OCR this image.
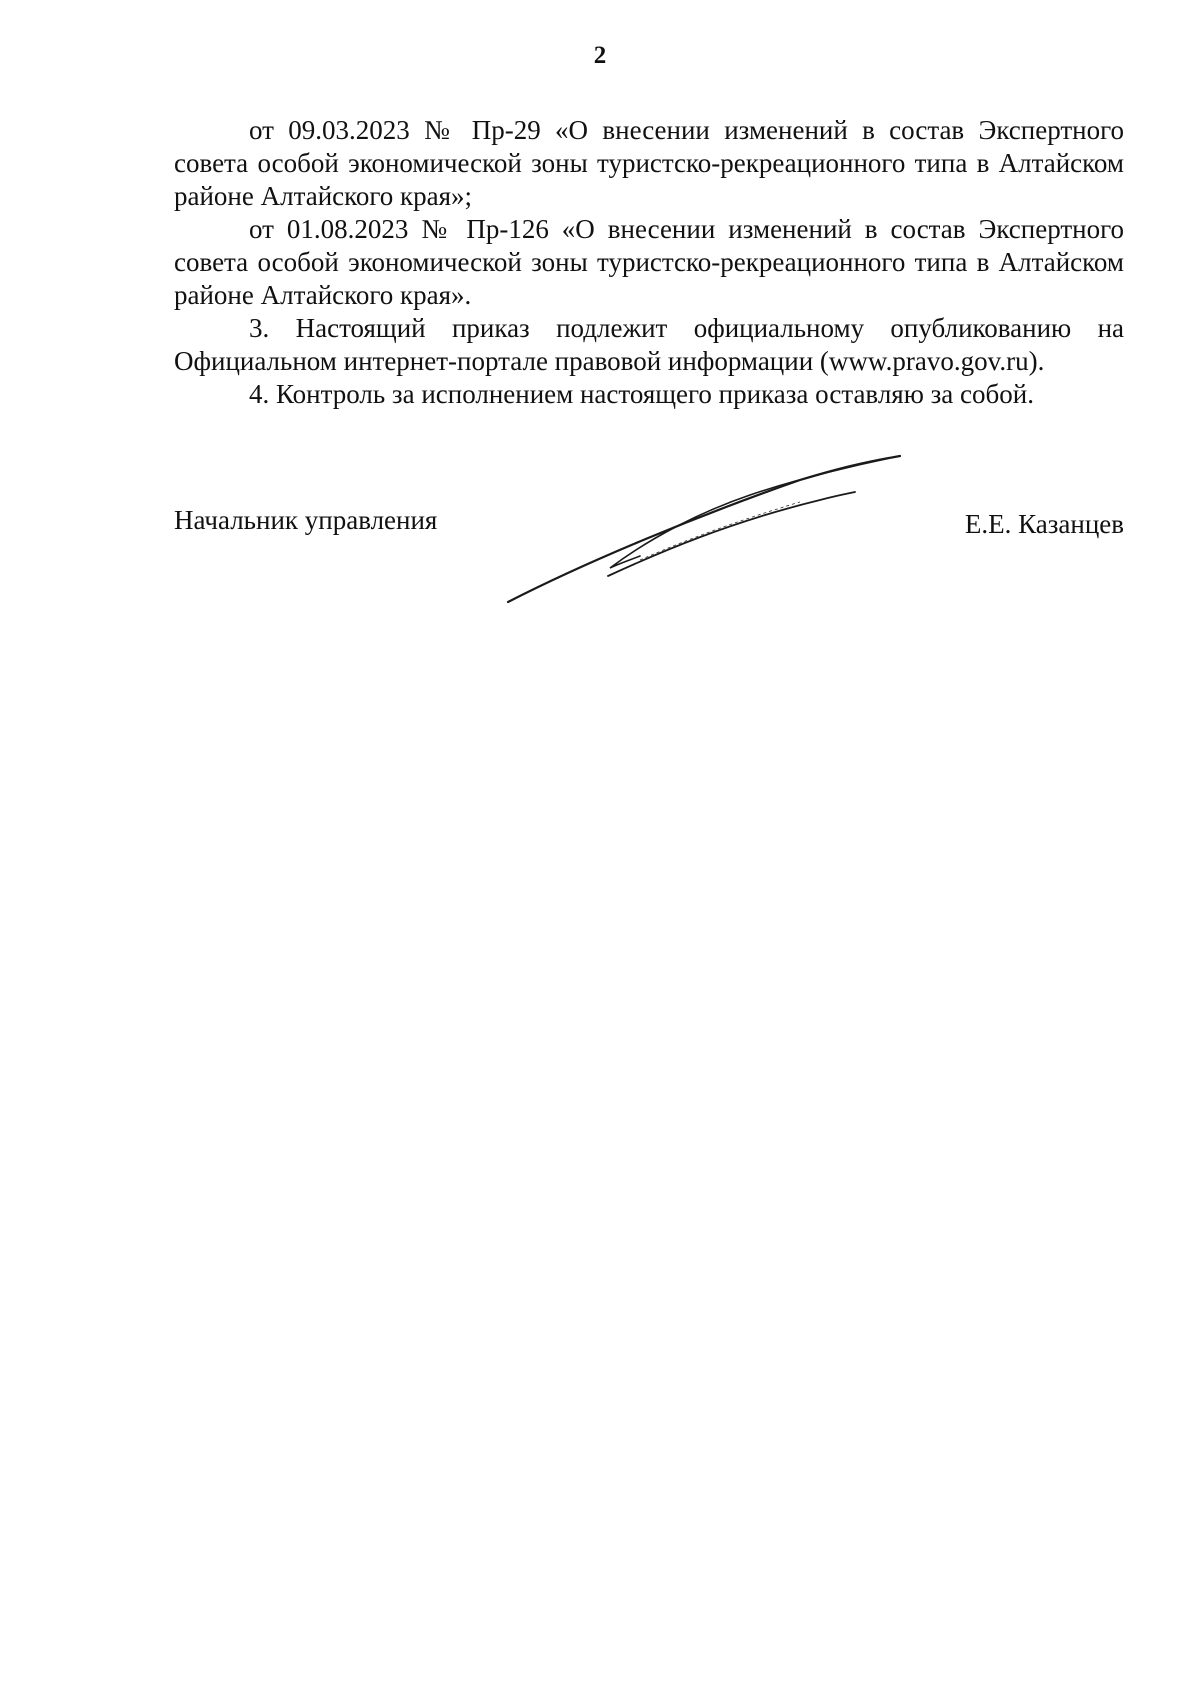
2

от 09.03.2023 № Пр-29 «О внесении изменений в состав Экспертного совета особой экономической зоны туристско-рекреационного типа в Алтайском районе Алтайского края»;

от 01.08.2023 № Пр-126 «О внесении изменений в состав Экспертного совета особой экономической зоны туристско-рекреационного типа в Алтайском районе Алтайского края».

3. Настоящий приказ подлежит официальному опубликованию на Официальном интернет-портале правовой информации (www.pravo.gov.ru).

4. Контроль за исполнением настоящего приказа оставляю за собой.

Начальник управления	Е.Е. Казанцев
